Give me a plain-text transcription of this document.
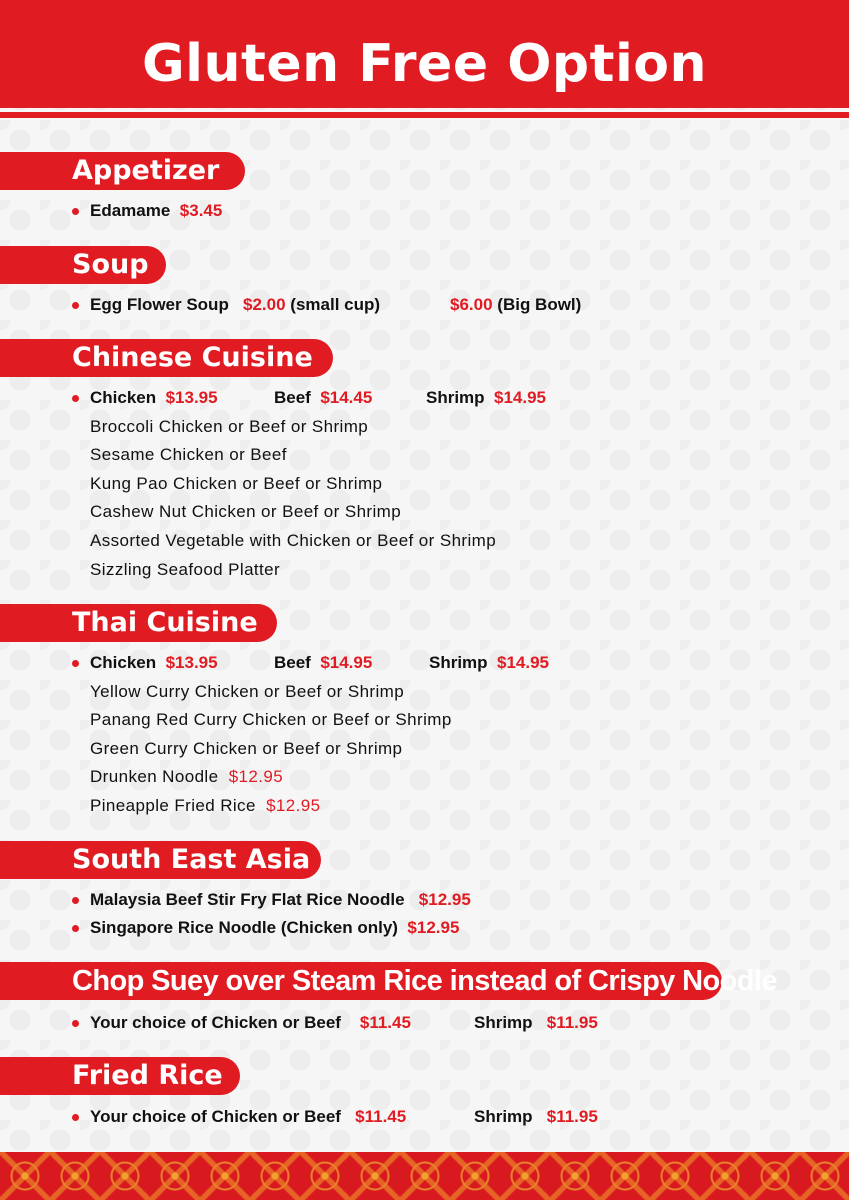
Gluten Free Option
Appetizer
Edamame $3.45
Soup
Egg Flower Soup $2.00 (small cup)	$6.00 (Big Bowl)
Chinese Cuisine
Chicken $13.95	Beef $14.45	Shrimp $14.95
Broccoli Chicken or Beef or Shrimp
Sesame Chicken or Beef
Kung Pao Chicken or Beef or Shrimp
Cashew Nut Chicken or Beef or Shrimp
Assorted Vegetable with Chicken or Beef or Shrimp
Sizzling Seafood Platter
Thai Cuisine
Chicken $13.95	Beef $14.95	Shrimp $14.95
Yellow Curry Chicken or Beef or Shrimp
Panang Red Curry Chicken or Beef or Shrimp
Green Curry Chicken or Beef or Shrimp
Drunken Noodle $12.95
Pineapple Fried Rice $12.95
South East Asia
Malaysia Beef Stir Fry Flat Rice Noodle $12.95
Singapore Rice Noodle (Chicken only) $12.95
Chop Suey over Steam Rice instead of Crispy Noodle
Your choice of Chicken or Beef $11.45	Shrimp $11.95
Fried Rice
Your choice of Chicken or Beef $11.45	Shrimp $11.95
